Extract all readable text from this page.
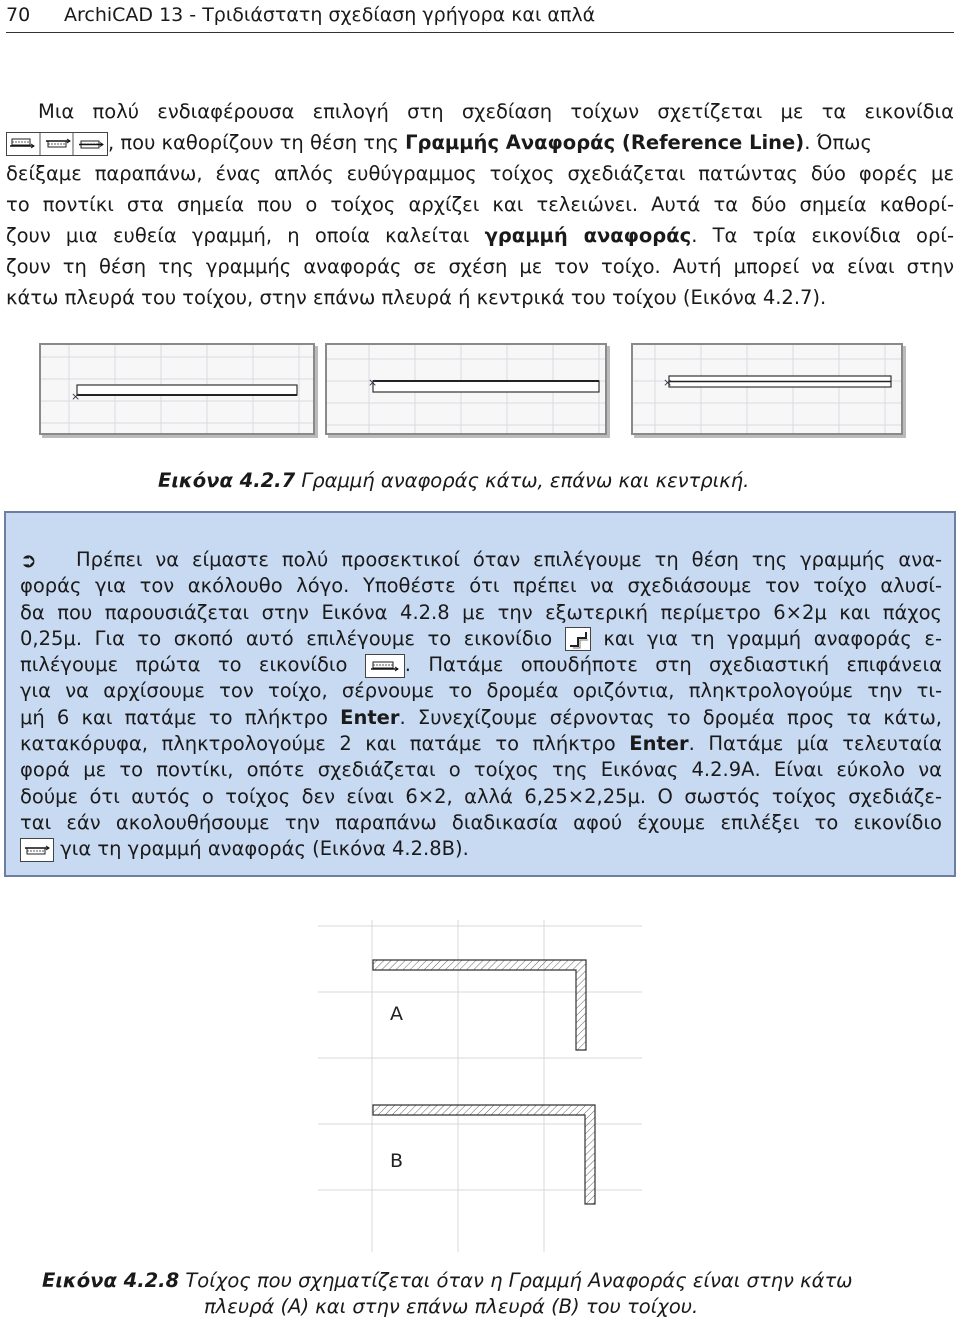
70 ArchiCAD 13 - Τριδιάστατη σχεδίαση γρήγορα και απλά
Μια πολύ ενδιαφέρουσα επιλογή στη σχεδίαση τοίχων σχετίζεται με τα εικονίδια
, που καθορίζουν τη θέση της Γραμμής Αναφοράς (Reference Line). Όπως
δείξαμε παραπάνω, ένας απλός ευθύγραμμος τοίχος σχεδιάζεται πατώντας δύο φορές με
το ποντίκι στα σημεία που ο τοίχος αρχίζει και τελειώνει. Αυτά τα δύο σημεία καθορί-
ζουν μια ευθεία γραμμή, η οποία καλείται γραμμή αναφοράς. Τα τρία εικονίδια ορί-
ζουν τη θέση της γραμμής αναφοράς σε σχέση με τον τοίχο. Αυτή μπορεί να είναι στην
κάτω πλευρά του τοίχου, στην επάνω πλευρά ή κεντρικά του τοίχου (Εικόνα 4.2.7).
×
×	×
Εικόνα 4.2.7 Γραμμή αναφοράς κάτω, επάνω και κεντρική.
➲	Πρέπει να είμαστε πολύ προσεκτικοί όταν επιλέγουμε τη θέση της γραμμής ανα-
φοράς για τον ακόλουθο λόγο. Υποθέστε ότι πρέπει να σχεδιάσουμε τον τοίχο αλυσί-
δα που παρουσιάζεται στην Εικόνα 4.2.8 με την εξωτερική περίμετρο 6×2μ και πάχος
0,25μ. Για το σκοπό αυτό επιλέγουμε το εικονίδιο	και για τη γραμμή αναφοράς ε-
πιλέγουμε πρώτα το εικονίδιο	. Πατάμε οπουδήποτε στη σχεδιαστική επιφάνεια
για να αρχίσουμε τον τοίχο, σέρνουμε το δρομέα οριζόντια, πληκτρολογούμε την τι-
μή 6 και πατάμε το πλήκτρο Enter. Συνεχίζουμε σέρνοντας το δρομέα προς τα κάτω,
κατακόρυφα, πληκτρολογούμε 2 και πατάμε το πλήκτρο Enter. Πατάμε μία τελευταία
φορά με το ποντίκι, οπότε σχεδιάζεται ο τοίχος της Εικόνας 4.2.9Α. Είναι εύκολο να
δούμε ότι αυτός ο τοίχος δεν είναι 6×2, αλλά 6,25×2,25μ. Ο σωστός τοίχος σχεδιάζε-
ται εάν ακολουθήσουμε την παραπάνω διαδικασία αφού έχουμε επιλέξει το εικονίδιο
για τη γραμμή αναφοράς (Εικόνα 4.2.8Β).
A
B
Εικόνα 4.2.8 Τοίχος που σχηματίζεται όταν η Γραμμή Αναφοράς είναι στην κάτω
πλευρά (Α) και στην επάνω πλευρά (Β) του τοίχου.
